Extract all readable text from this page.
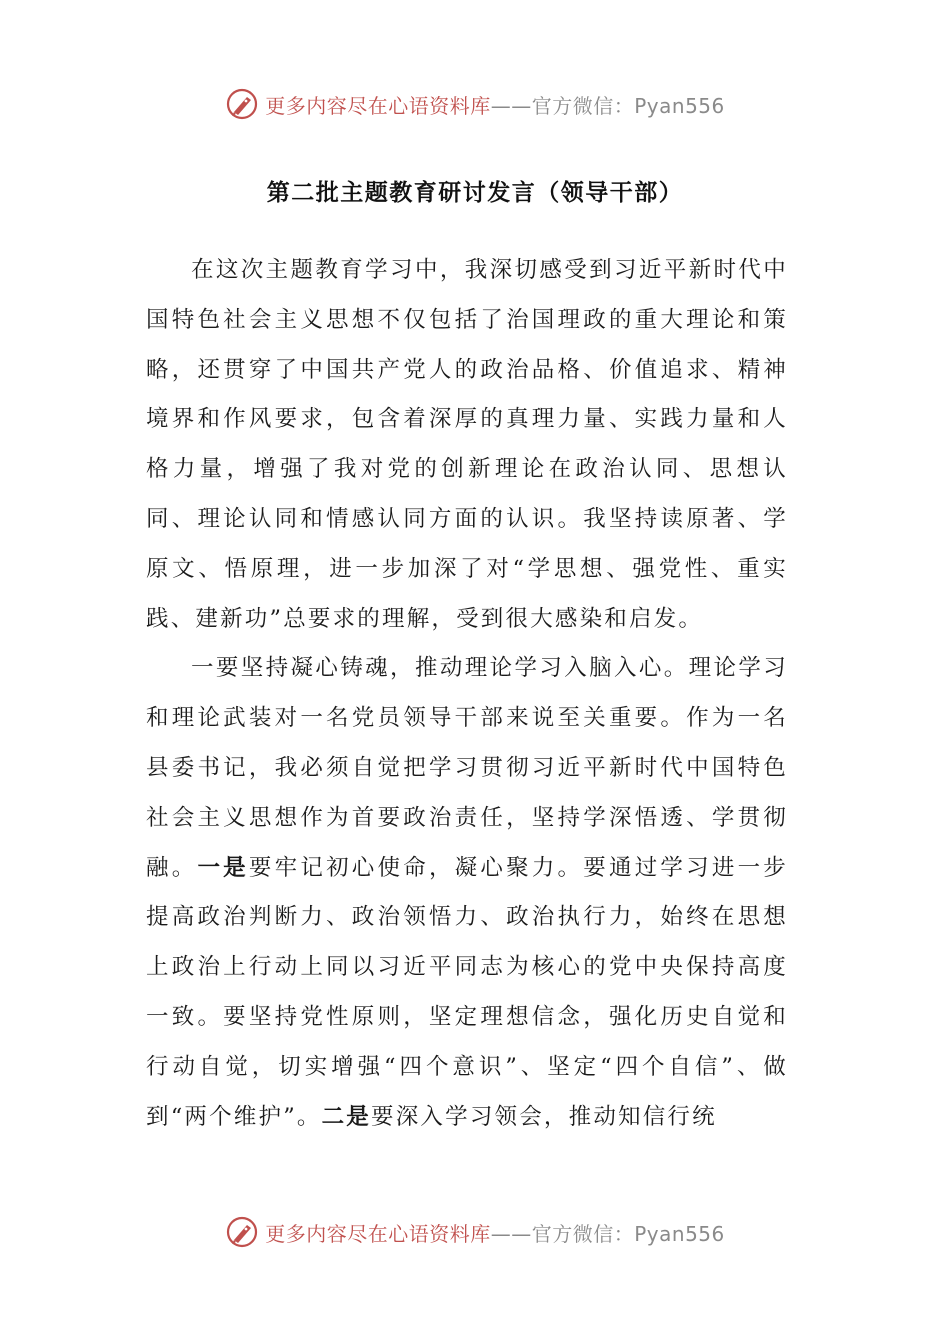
更多内容尽在心语资料库——官方微信：Pyan556
第二批主题教育研讨发言（领导干部）

在这次主题教育学习中，我深切感受到习近平新时代中国特色社会主义思想不仅包括了治国理政的重大理论和策略，还贯穿了中国共产党人的政治品格、价值追求、精神境界和作风要求，包含着深厚的真理力量、实践力量和人格力量，增强了我对党的创新理论在政治认同、思想认同、理论认同和情感认同方面的认识。我坚持读原著、学原文、悟原理，进一步加深了对“学思想、强党性、重实践、建新功”总要求的理解，受到很大感染和启发。

一要坚持凝心铸魂，推动理论学习入脑入心。理论学习和理论武装对一名党员领导干部来说至关重要。作为一名县委书记，我必须自觉把学习贯彻习近平新时代中国特色社会主义思想作为首要政治责任，坚持学深悟透、学贯彻融。一是要牢记初心使命，凝心聚力。要通过学习进一步提高政治判断力、政治领悟力、政治执行力，始终在思想上政治上行动上同以习近平同志为核心的党中央保持高度一致。要坚持党性原则，坚定理想信念，强化历史自觉和行动自觉，切实增强“四个意识”、坚定“四个自信”、做到“两个维护”。二是要深入学习领会，推动知信行统

更多内容尽在心语资料库——官方微信：Pyan556
